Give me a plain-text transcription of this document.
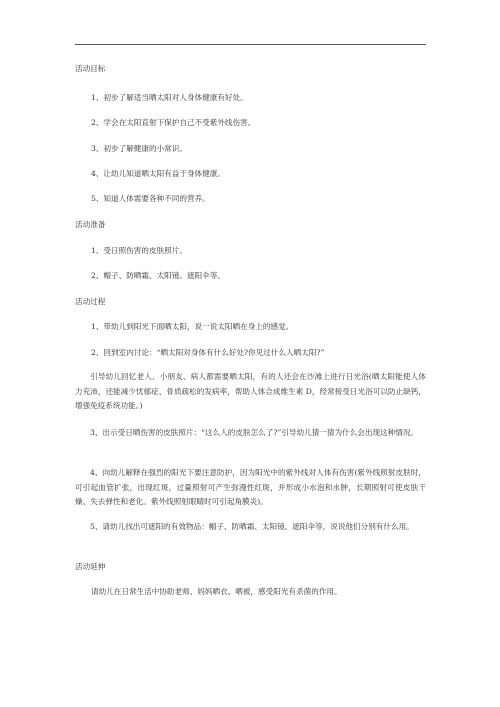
活动目标
1、初步了解适当晒太阳对人身体健康有好处。
2、学会在太阳直射下保护自己不受紫外线伤害。
3、初步了解健康的小常识。
4、让幼儿知道晒太阳有益于身体健康。
5、知道人体需要各种不同的营养。
活动准备
1、受日照伤害的皮肤照片。
2、帽子、防晒霜、太阳镜、遮阳伞等。
活动过程
1、带幼儿到阳光下面晒太阳，说一说太阳晒在身上的感觉。
2、回到室内讨论：“晒太阳对身体有什么好处?你见过什么人晒太阳?”
引导幼儿回忆老人、小朋友、病人都需要晒太阳，有的人还会在沙滩上进行日光浴(晒太阳能使人体力充沛，还能减少忧郁症、骨质疏松的发病率，帮助人体合成维生素 D，经常接受日光浴可以防止缺钙，增强免疫系统功能。)
3、出示受日晒伤害的皮肤照片：“这么人的皮肤怎么了?”引导幼儿猜一猜为什么会出现这种情况。
4、向幼儿解释在强烈的阳光下要注意防护，因为阳光中的紫外线对人体有伤害(紫外线照射皮肤时，可引起血管扩张，出现红斑，过量照射可产生弥漫性红斑，并形成小水泡和水肿，长期照射可使皮肤干燥、失去弹性和老化。紫外线照射眼睛时可引起角膜炎)。
5、请幼儿找出可遮阳的有效物品：帽子、防晒霜、太阳镜、遮阳伞等，说说他们分别有什么用。
活动延伸
请幼儿在日常生活中协助老师、妈妈晒衣、晒被，感受阳光有杀菌的作用。
